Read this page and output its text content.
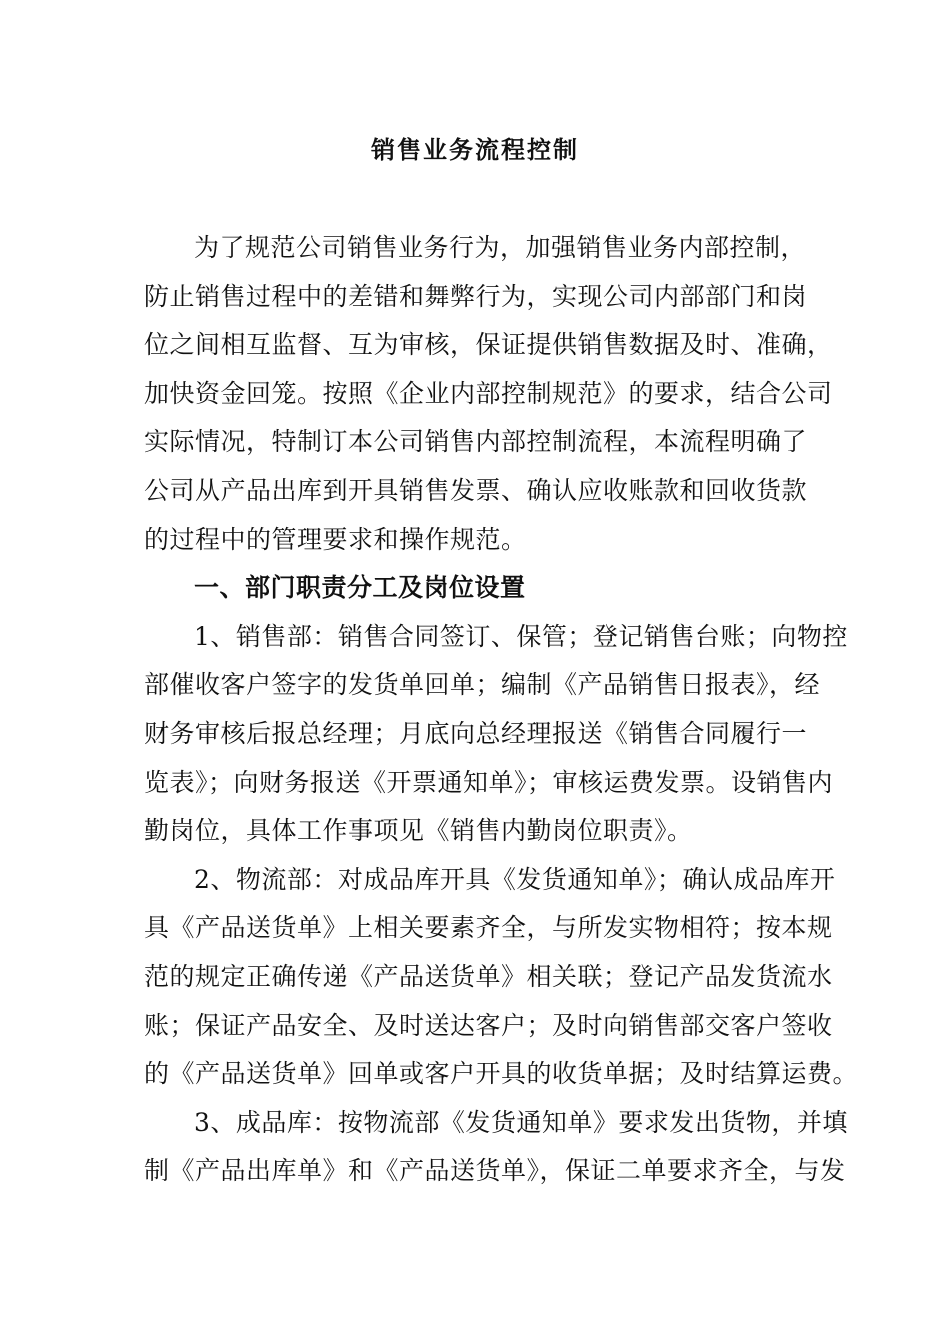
销售业务流程控制
为了规范公司销售业务行为，加强销售业务内部控制，
防止销售过程中的差错和舞弊行为，实现公司内部部门和岗
位之间相互监督、互为审核，保证提供销售数据及时、准确，
加快资金回笼。按照《企业内部控制规范》的要求，结合公司
实际情况，特制订本公司销售内部控制流程，本流程明确了
公司从产品出库到开具销售发票、确认应收账款和回收货款
的过程中的管理要求和操作规范。
一、部门职责分工及岗位设置
1、销售部：销售合同签订、保管；登记销售台账；向物控
部催收客户签字的发货单回单；编制《产品销售日报表》，经
财务审核后报总经理；月底向总经理报送《销售合同履行一
览表》；向财务报送《开票通知单》；审核运费发票。设销售内
勤岗位，具体工作事项见《销售内勤岗位职责》。
2、物流部：对成品库开具《发货通知单》；确认成品库开
具《产品送货单》上相关要素齐全，与所发实物相符；按本规
范的规定正确传递《产品送货单》相关联；登记产品发货流水
账；保证产品安全、及时送达客户；及时向销售部交客户签收
的《产品送货单》回单或客户开具的收货单据；及时结算运费。
3、成品库：按物流部《发货通知单》要求发出货物，并填
制《产品出库单》和《产品送货单》，保证二单要求齐全，与发
